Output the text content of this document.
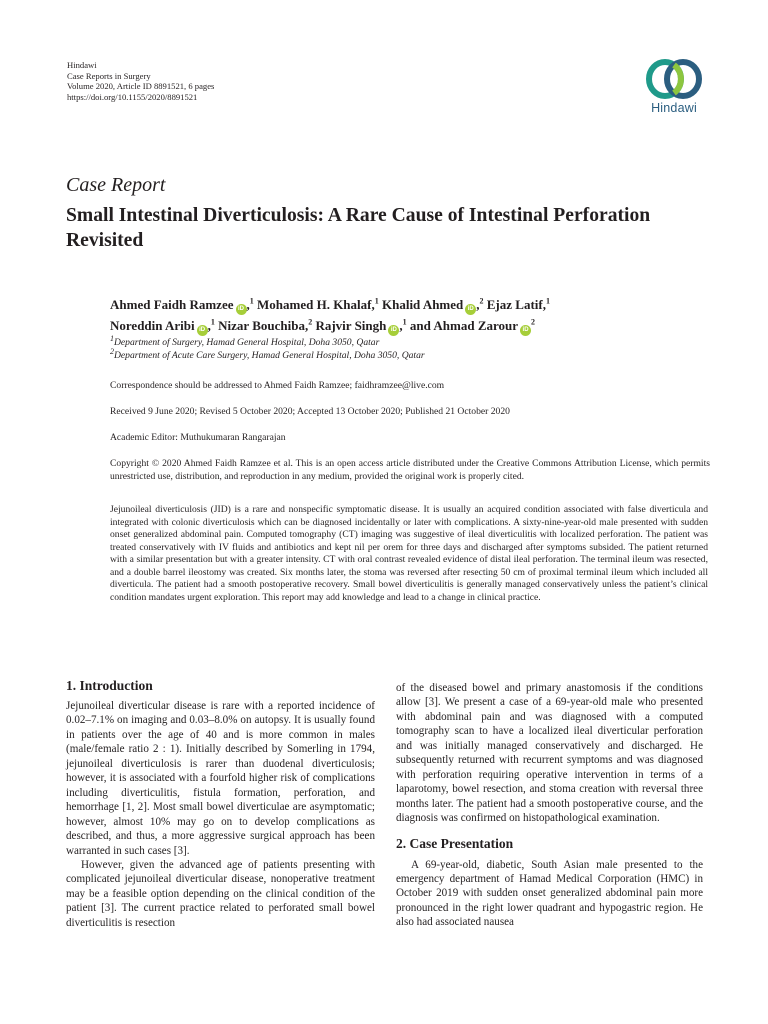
Hindawi
Case Reports in Surgery
Volume 2020, Article ID 8891521, 6 pages
https://doi.org/10.1155/2020/8891521
Hindawi
Case Report
Small Intestinal Diverticulosis: A Rare Cause of Intestinal Perforation Revisited
Ahmed Faidh Ramzee iD ,$^1$ Mohamed H. Khalaf,$^1$ Khalid Ahmed iD ,$^2$ Ejaz Latif,$^1$
Noreddin Aribi iD ,$^1$ Nizar Bouchiba,$^2$ Rajvir Singh iD ,$^1$ and Ahmad Zarour $iD^2$
$^1$Department of Surgery, Hamad General Hospital, Doha 3050, Qatar
$^2$Department of Acute Care Surgery, Hamad General Hospital, Doha 3050, Qatar
Correspondence should be addressed to Ahmed Faidh Ramzee; faidhramzee@live.com
Received 9 June 2020; Revised 5 October 2020; Accepted 13 October 2020; Published 21 October 2020
Academic Editor: Muthukumaran Rangarajan
Copyright © 2020 Ahmed Faidh Ramzee et al. This is an open access article distributed under the Creative Commons Attribution License, which permits unrestricted use, distribution, and reproduction in any medium, provided the original work is properly cited.
Jejunoileal diverticulosis (JID) is a rare and nonspecific symptomatic disease. It is usually an acquired condition associated with false diverticula and integrated with colonic diverticulosis which can be diagnosed incidentally or later with complications. A sixty-nine-year-old male presented with sudden onset generalized abdominal pain. Computed tomography (CT) imaging was suggestive of ileal diverticulitis with localized perforation. The patient was treated conservatively with IV fluids and antibiotics and kept nil per orem for three days and discharged after symptoms subsided. The patient returned with a similar presentation but with a greater intensity. CT with oral contrast revealed evidence of distal ileal perforation. The terminal ileum was resected, and a double barrel ileostomy was created. Six months later, the stoma was reversed after resecting 50 cm of proximal terminal ileum which included all diverticula. The patient had a smooth postoperative recovery. Small bowel diverticulitis is generally managed conservatively unless the patient’s clinical condition mandates urgent exploration. This report may add knowledge and lead to a change in clinical practice.
1. Introduction

Jejunoileal diverticular disease is rare with a reported incidence of 0.02–7.1% on imaging and 0.03–8.0% on autopsy. It is usually found in patients over the age of 40 and is more common in males (male/female ratio 2 : 1). Initially described by Somerling in 1794, jejunoileal diverticulosis is rarer than duodenal diverticulosis; however, it is associated with a fourfold higher risk of complications including diverticulitis, fistula formation, perforation, and hemorrhage [1, 2]. Most small bowel diverticulae are asymptomatic; however, almost 10% may go on to develop complications as described, and thus, a more aggressive surgical approach has been warranted in such cases [3].

However, given the advanced age of patients presenting with complicated jejunoileal diverticular disease, nonoperative treatment may be a feasible option depending on the clinical condition of the patient [3]. The current practice related to perforated small bowel diverticulitis is resection

of the diseased bowel and primary anastomosis if the conditions allow [3]. We present a case of a 69-year-old male who presented with abdominal pain and was diagnosed with a computed tomography scan to have a localized ileal diverticular perforation and was initially managed conservatively and discharged. He subsequently returned with recurrent symptoms and was diagnosed with perforation requiring operative intervention in terms of a laparotomy, bowel resection, and stoma creation with reversal three months later. The patient had a smooth postoperative course, and the diagnosis was confirmed on histopathological examination.

2. Case Presentation

A 69-year-old, diabetic, South Asian male presented to the emergency department of Hamad Medical Corporation (HMC) in October 2019 with sudden onset generalized abdominal pain more pronounced in the right lower quadrant and hypogastric region. He also had associated nausea
